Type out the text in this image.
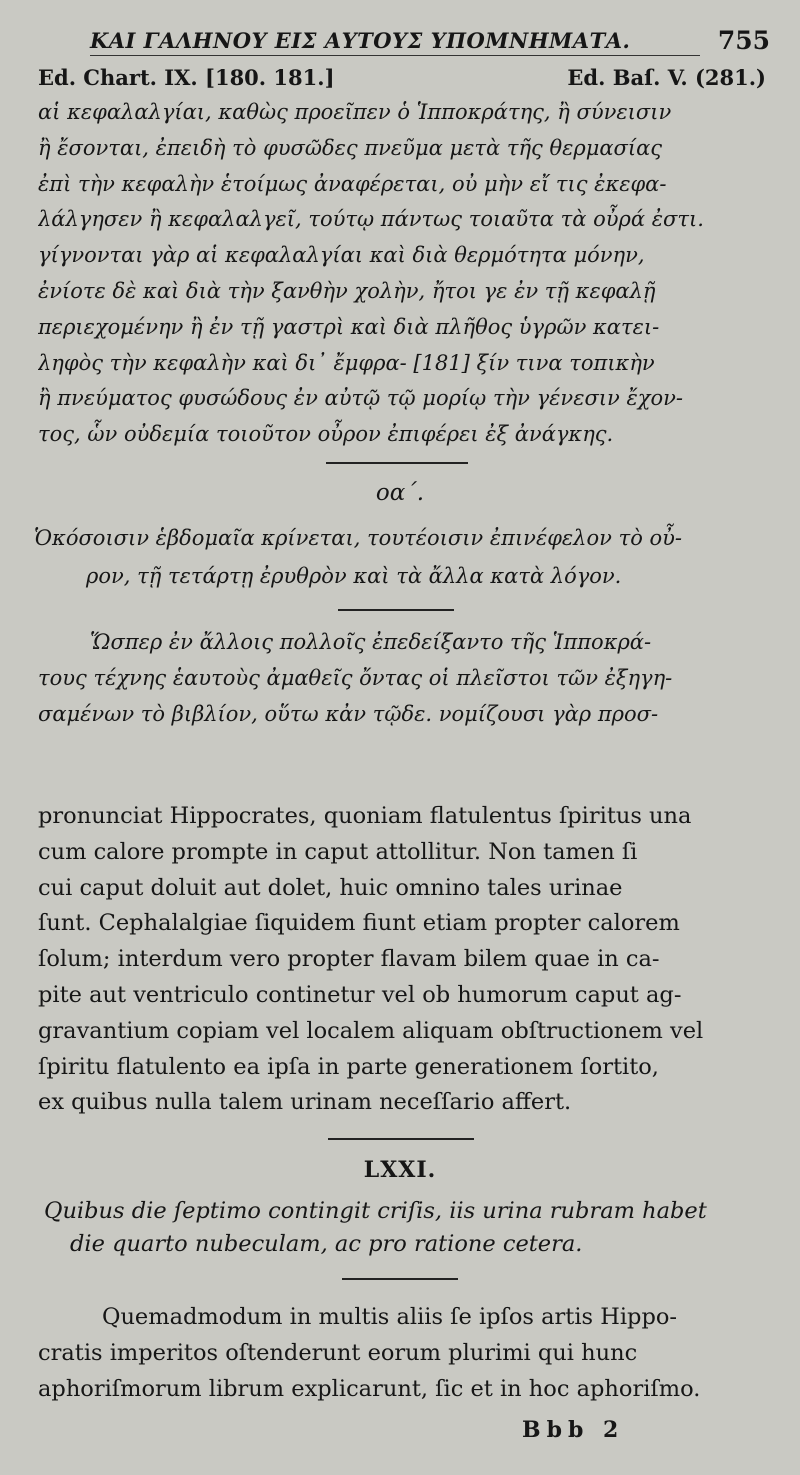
ΚΑΙ ΓΑΛΗΝΟΥ ΕΙΣ ΑΥΤΟΥΣ ΥΠΟΜΝΗΜΑΤΑ.	755
Ed. Chart. IX. [180. 181.]	Ed. Baſ. V. (281.)
αἱ κεφαλαλγίαι, καθὼς προεῖπεν ὁ Ἱπποκράτης, ἢ σύνεισιν
ἢ ἔσονται, ἐπειδὴ τὸ φυσῶδες πνεῦμα μετὰ τῆς θερμασίας
ἐπὶ τὴν κεφαλὴν ἑτοίμως ἀναφέρεται, οὐ μὴν εἴ τις ἐκεφα-
λάλγησεν ἢ κεφαλαλγεῖ, τούτῳ πάντως τοιαῦτα τὰ οὖρά ἐστι.
γίγνονται γὰρ αἱ κεφαλαλγίαι καὶ διὰ θερμότητα μόνην,
ἐνίοτε δὲ καὶ διὰ τὴν ξανθὴν χολὴν, ἤτοι γε ἐν τῇ κεφαλῇ
περιεχομένην ἢ ἐν τῇ γαστρὶ καὶ διὰ πλῆθος ὑγρῶν κατει-
ληφὸς τὴν κεφαλὴν καὶ δι᾽ ἔμφρα- [181] ξίν τινα τοπικὴν
ἢ πνεύματος φυσώδους ἐν αὐτῷ τῷ μορίῳ τὴν γένεσιν ἔχον-
τος, ὧν οὐδεμία τοιοῦτον οὖρον ἐπιφέρει ἐξ ἀνάγκης.
οα΄.
Ὁκόσοισιν ἑβδομαῖα κρίνεται, τουτέοισιν ἐπινέφελον τὸ οὖ-
ρον, τῇ τετάρτῃ ἐρυθρὸν καὶ τὰ ἄλλα κατὰ λόγον.
Ὥσπερ ἐν ἄλλοις πολλοῖς ἐπεδείξαντο τῆς Ἱπποκρά-
τους τέχνης ἑαυτοὺς ἀμαθεῖς ὄντας οἱ πλεῖστοι τῶν ἐξηγη-
σαμένων τὸ βιβλίον, οὕτω κἀν τῷδε. νομίζουσι γὰρ προσ-
pronunciat Hippocrates, quoniam flatulentus ſpiritus una
cum calore prompte in caput attollitur. Non tamen ſi
cui caput doluit aut dolet, huic omnino tales urinae
ſunt. Cephalalgiae ſiquidem fiunt etiam propter calorem
ſolum; interdum vero propter flavam bilem quae in ca-
pite aut ventriculo continetur vel ob humorum caput ag-
gravantium copiam vel localem aliquam obſtructionem vel
ſpiritu flatulento ea ipſa in parte generationem ſortito,
ex quibus nulla talem urinam neceſſario affert.
LXXI.
Quibus die ſeptimo contingit criſis, iis urina rubram habet
die quarto nubeculam, ac pro ratione cetera.
Quemadmodum in multis aliis ſe ipſos artis Hippo-
cratis imperitos oſtenderunt eorum plurimi qui hunc
aphoriſmorum librum explicarunt, ſic et in hoc aphoriſmo.
Bbb 2
